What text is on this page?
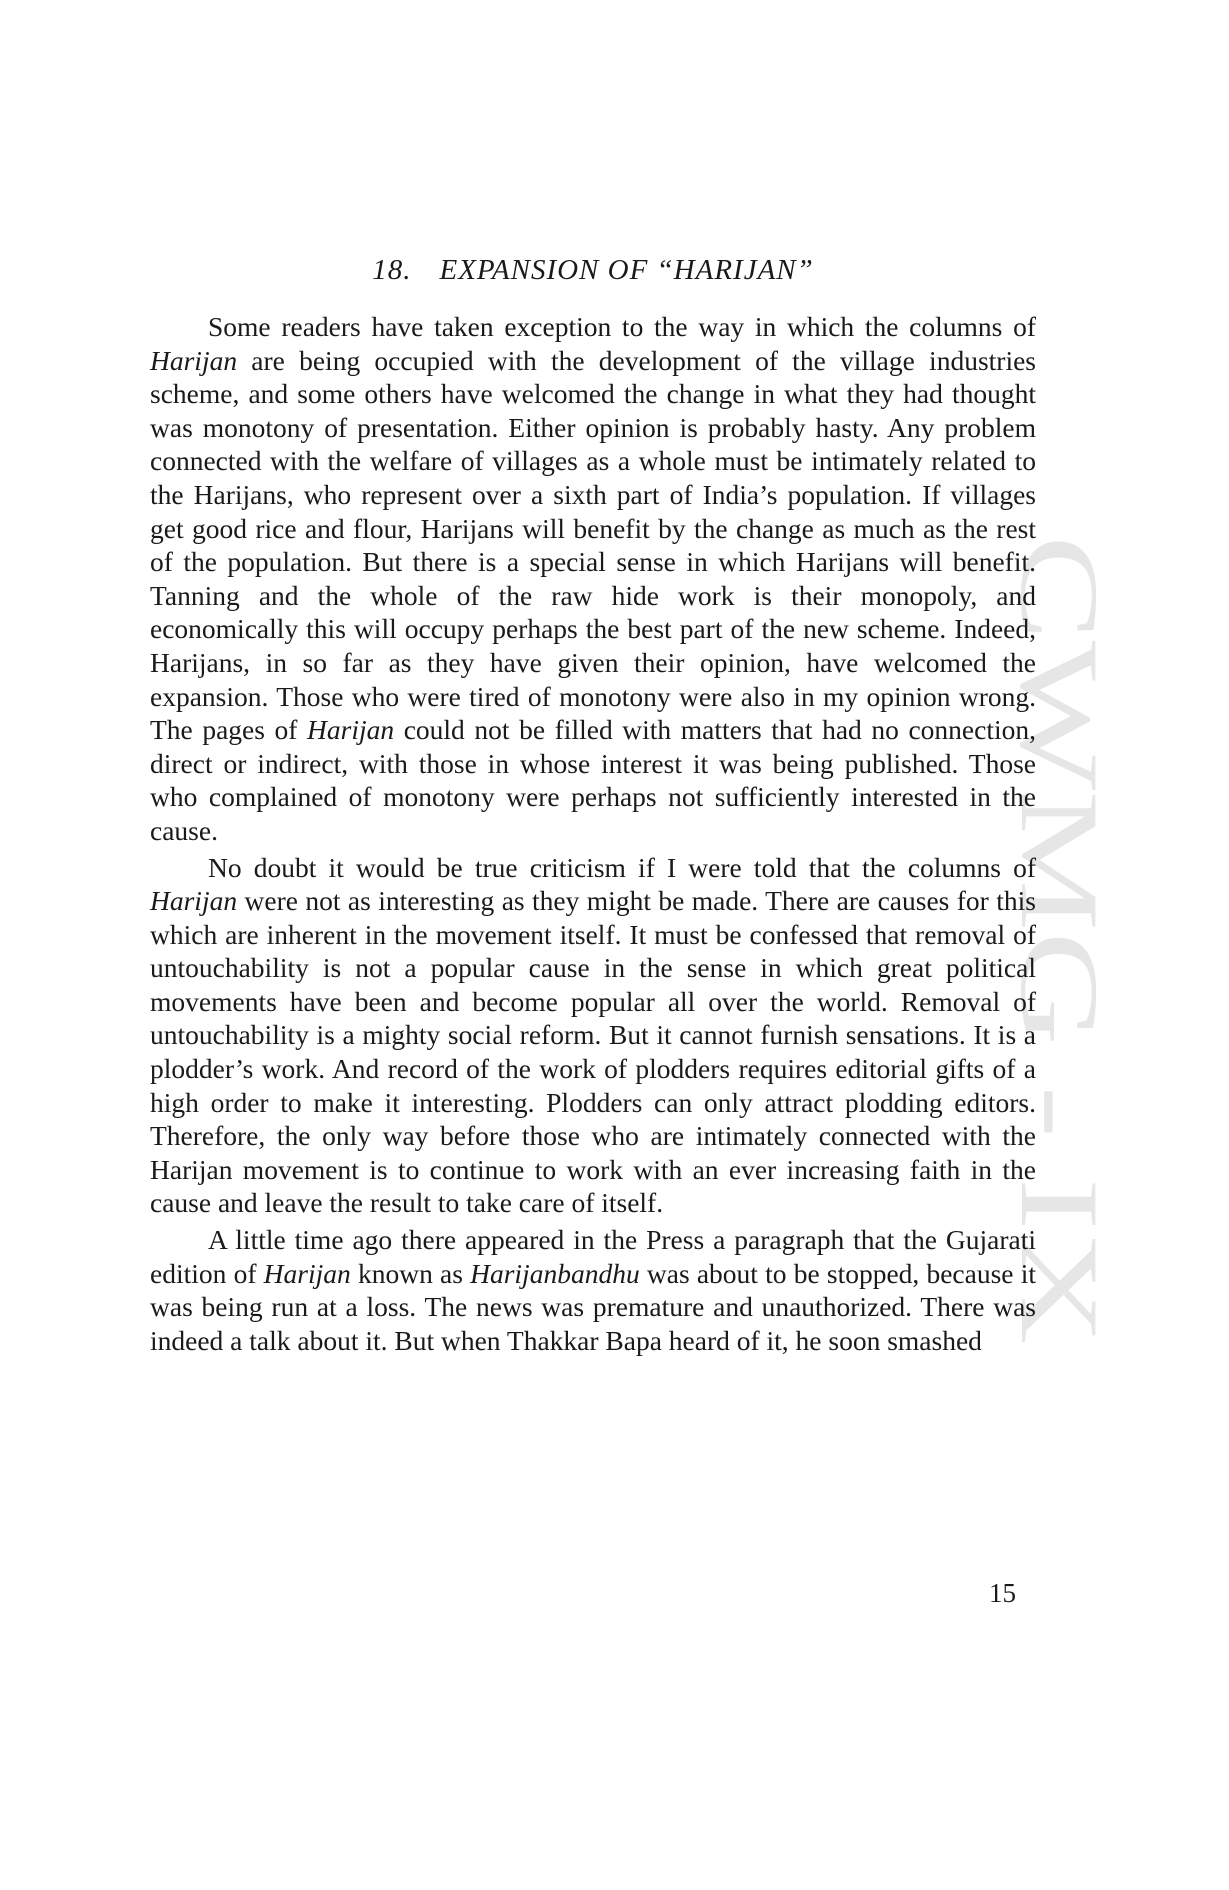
CWMG - IX
18. EXPANSION OF “HARIJAN”

Some readers have taken exception to the way in which the columns of Harijan are being occupied with the development of the village industries scheme, and some others have welcomed the change in what they had thought was monotony of presentation. Either opinion is probably hasty. Any problem connected with the welfare of villages as a whole must be intimately related to the Harijans, who represent over a sixth part of India’s population. If villages get good rice and flour, Harijans will benefit by the change as much as the rest of the population. But there is a special sense in which Harijans will benefit. Tanning and the whole of the raw hide work is their monopoly, and economically this will occupy perhaps the best part of the new scheme. Indeed, Harijans, in so far as they have given their opinion, have welcomed the expansion. Those who were tired of monotony were also in my opinion wrong. The pages of Harijan could not be filled with matters that had no connection, direct or indirect, with those in whose interest it was being published. Those who complained of monotony were perhaps not sufficiently interested in the cause.

No doubt it would be true criticism if I were told that the columns of Harijan were not as interesting as they might be made. There are causes for this which are inherent in the movement itself. It must be confessed that removal of untouchability is not a popular cause in the sense in which great political movements have been and become popular all over the world. Removal of untouchability is a mighty social reform. But it cannot furnish sensations. It is a plodder’s work. And record of the work of plodders requires editorial gifts of a high order to make it interesting. Plodders can only attract plodding editors. Therefore, the only way before those who are intimately connected with the Harijan movement is to continue to work with an ever increasing faith in the cause and leave the result to take care of itself.

A little time ago there appeared in the Press a paragraph that the Gujarati edition of Harijan known as Harijanbandhu was about to be stopped, because it was being run at a loss. The news was premature and unauthorized. There was indeed a talk about it. But when Thakkar Bapa heard of it, he soon smashed

15
